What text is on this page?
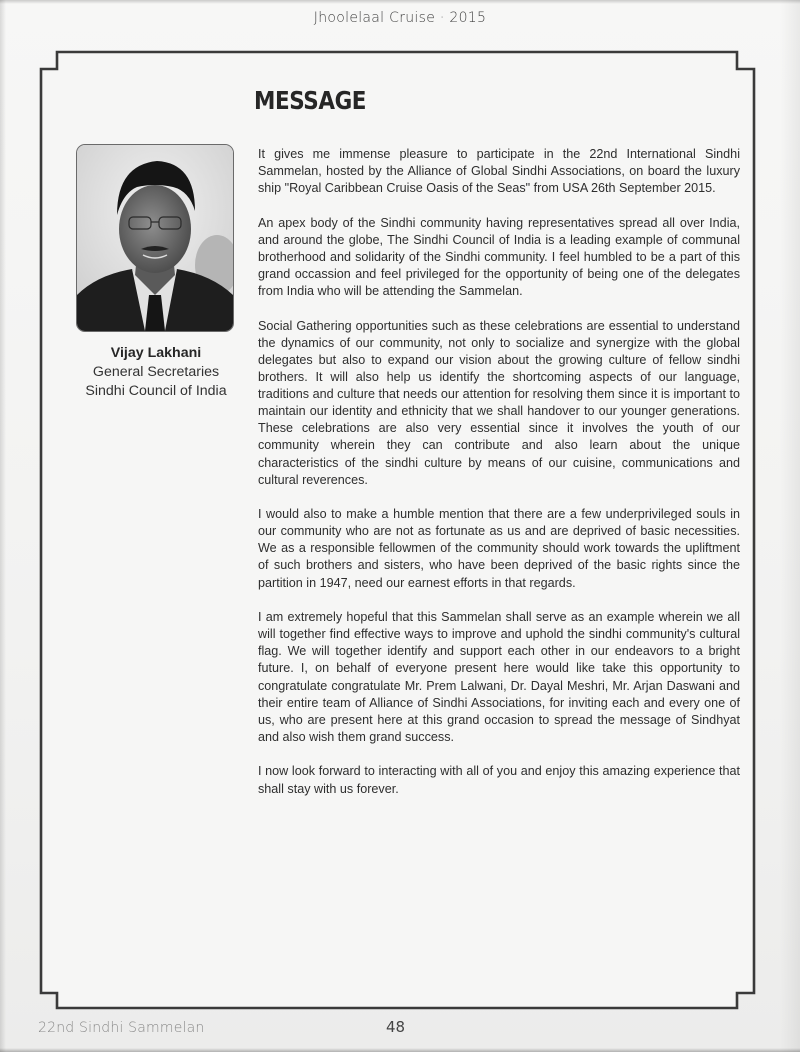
Jhoolelaal Cruise · 2015
MESSAGE
Vijay Lakhani
General Secretaries
Sindhi Council of India

It gives me immense pleasure to participate in the 22nd International Sindhi Sammelan, hosted by the Alliance of Global Sindhi Associations, on board the luxury ship "Royal Caribbean Cruise Oasis of the Seas" from USA 26th September 2015.

An apex body of the Sindhi community having representatives spread all over India, and around the globe, The Sindhi Council of India is a leading example of communal brotherhood and solidarity of the Sindhi community. I feel humbled to be a part of this grand occassion and feel privileged for the opportunity of being one of the delegates from India who will be attending the Sammelan.

Social Gathering opportunities such as these celebrations are essential to understand the dynamics of our community, not only to socialize and synergize with the global delegates but also to expand our vision about the growing culture of fellow sindhi brothers. It will also help us identify the shortcoming aspects of our language, traditions and culture that needs our attention for resolving them since it is important to maintain our identity and ethnicity that we shall handover to our younger generations. These celebrations are also very essential since it involves the youth of our community wherein they can contribute and also learn about the unique characteristics of the sindhi culture by means of our cuisine, communications and cultural reverences.

I would also to make a humble mention that there are a few underprivileged souls in our community who are not as fortunate as us and are deprived of basic necessities. We as a responsible fellowmen of the community should work towards the upliftment of such brothers and sisters, who have been deprived of the basic rights since the partition in 1947, need our earnest efforts in that regards.

I am extremely hopeful that this Sammelan shall serve as an example wherein we all will together find effective ways to improve and uphold the sindhi community's cultural flag. We will together identify and support each other in our endeavors to a bright future. I, on behalf of everyone present here would like take this opportunity to congratulate congratulate Mr. Prem Lalwani, Dr. Dayal Meshri, Mr. Arjan Daswani and their entire team of Alliance of Sindhi Associations, for inviting each and every one of us, who are present here at this grand occasion to spread the message of Sindhyat and also wish them grand success.

I now look forward to interacting with all of you and enjoy this amazing experience that shall stay with us forever.

22nd Sindhi Sammelan	48
